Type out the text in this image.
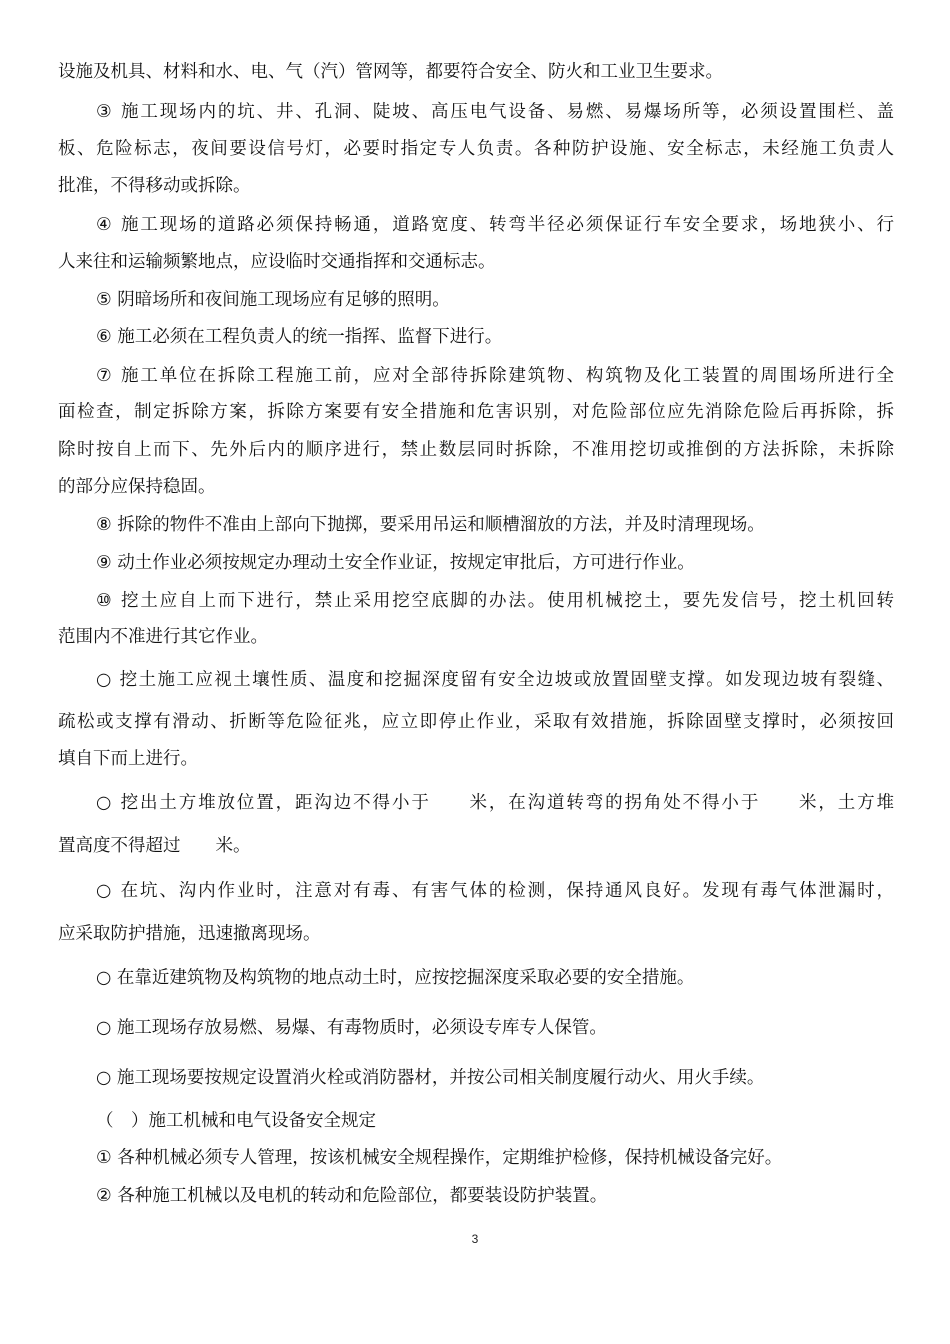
设施及机具、材料和水、电、气（汽）管网等，都要符合安全、防火和工业卫生要求。
③ 施工现场内的坑、井、孔洞、陡坡、高压电气设备、易燃、易爆场所等，必须设置围栏、盖
板、危险标志，夜间要设信号灯，必要时指定专人负责。各种防护设施、安全标志，未经施工负责人
批准，不得移动或拆除。
④ 施工现场的道路必须保持畅通，道路宽度、转弯半径必须保证行车安全要求，场地狭小、行
人来往和运输频繁地点，应设临时交通指挥和交通标志。
⑤ 阴暗场所和夜间施工现场应有足够的照明。
⑥ 施工必须在工程负责人的统一指挥、监督下进行。
⑦ 施工单位在拆除工程施工前，应对全部待拆除建筑物、构筑物及化工装置的周围场所进行全
面检查，制定拆除方案，拆除方案要有安全措施和危害识别，对危险部位应先消除危险后再拆除，拆
除时按自上而下、先外后内的顺序进行，禁止数层同时拆除，不准用挖切或推倒的方法拆除，未拆除
的部分应保持稳固。
⑧ 拆除的物件不准由上部向下抛掷，要采用吊运和顺槽溜放的方法，并及时清理现场。
⑨ 动土作业必须按规定办理动土安全作业证，按规定审批后，方可进行作业。
⑩ 挖土应自上而下进行，禁止采用挖空底脚的办法。使用机械挖土，要先发信号，挖土机回转
范围内不准进行其它作业。
○ 挖土施工应视土壤性质、温度和挖掘深度留有安全边坡或放置固壁支撑。如发现边坡有裂缝、
疏松或支撑有滑动、折断等危险征兆，应立即停止作业，采取有效措施，拆除固壁支撑时，必须按回
填自下而上进行。
○ 挖出土方堆放位置，距沟边不得小于　　米，在沟道转弯的拐角处不得小于　　米，土方堆
置高度不得超过　　米。
○ 在坑、沟内作业时，注意对有毒、有害气体的检测，保持通风良好。发现有毒气体泄漏时，
应采取防护措施，迅速撤离现场。
○ 在靠近建筑物及构筑物的地点动土时，应按挖掘深度采取必要的安全措施。
○ 施工现场存放易燃、易爆、有毒物质时，必须设专库专人保管。
○ 施工现场要按规定设置消火栓或消防器材，并按公司相关制度履行动火、用火手续。
（　）施工机械和电气设备安全规定
① 各种机械必须专人管理，按该机械安全规程操作，定期维护检修，保持机械设备完好。
② 各种施工机械以及电机的转动和危险部位，都要装设防护装置。
3
